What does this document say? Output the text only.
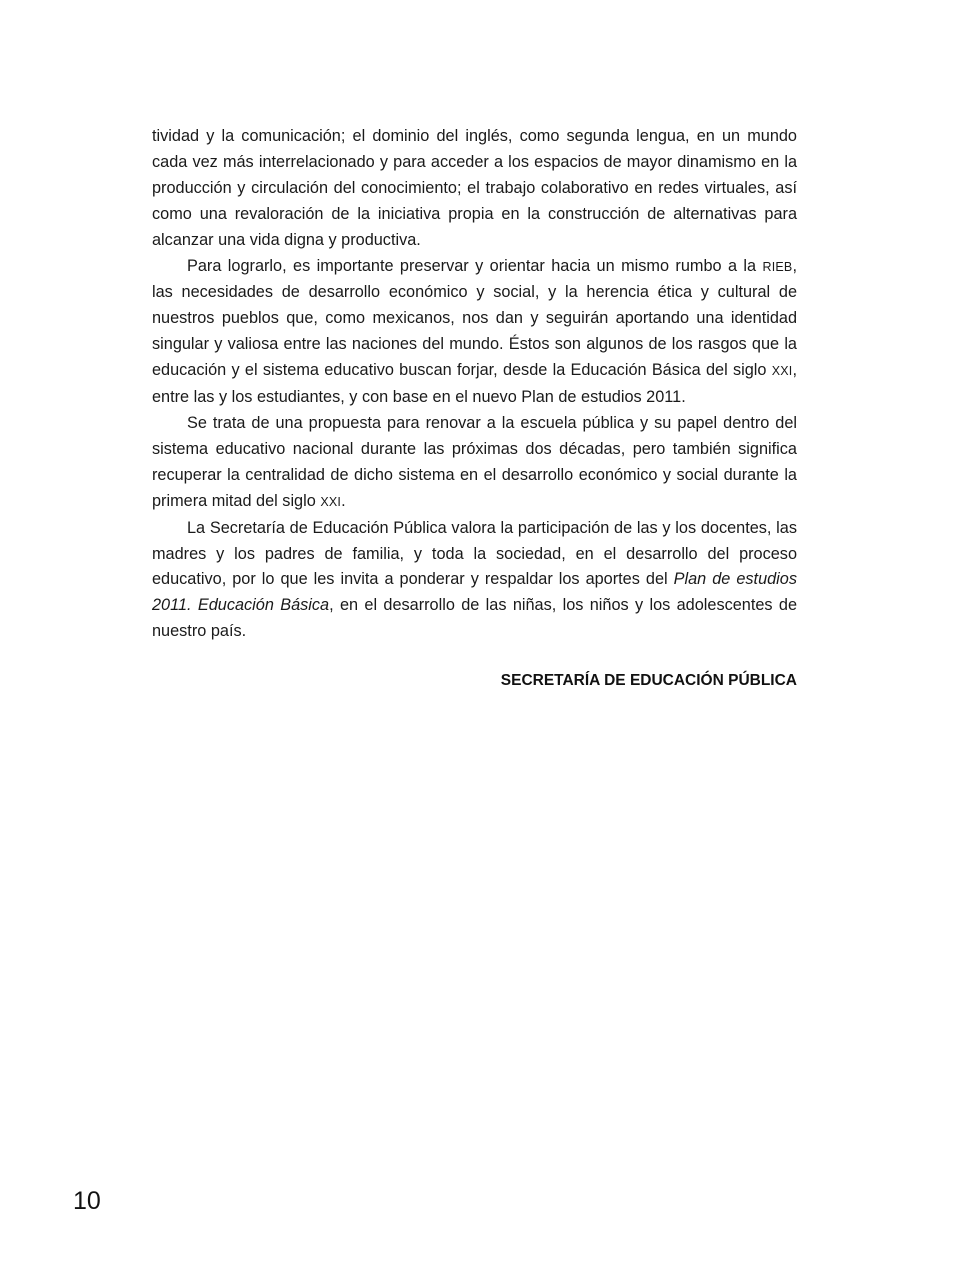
tividad y la comunicación; el dominio del inglés, como segunda lengua, en un mundo cada vez más interrelacionado y para acceder a los espacios de mayor dinamismo en la producción y circulación del conocimiento; el trabajo colaborativo en redes virtuales, así como una revaloración de la iniciativa propia en la construcción de alternativas para alcanzar una vida digna y productiva.

Para lograrlo, es importante preservar y orientar hacia un mismo rumbo a la RIEB, las necesidades de desarrollo económico y social, y la herencia ética y cultural de nuestros pueblos que, como mexicanos, nos dan y seguirán aportando una identidad singular y valiosa entre las naciones del mundo. Éstos son algunos de los rasgos que la educación y el sistema educativo buscan forjar, desde la Educación Básica del siglo XXI, entre las y los estudiantes, y con base en el nuevo Plan de estudios 2011.

Se trata de una propuesta para renovar a la escuela pública y su papel dentro del sistema educativo nacional durante las próximas dos décadas, pero también significa recuperar la centralidad de dicho sistema en el desarrollo económico y social durante la primera mitad del siglo XXI.

La Secretaría de Educación Pública valora la participación de las y los docentes, las madres y los padres de familia, y toda la sociedad, en el desarrollo del proceso educativo, por lo que les invita a ponderar y respaldar los aportes del Plan de estudios 2011. Educación Básica, en el desarrollo de las niñas, los niños y los adolescentes de nuestro país.

SECRETARÍA DE EDUCACIÓN PÚBLICA
10
